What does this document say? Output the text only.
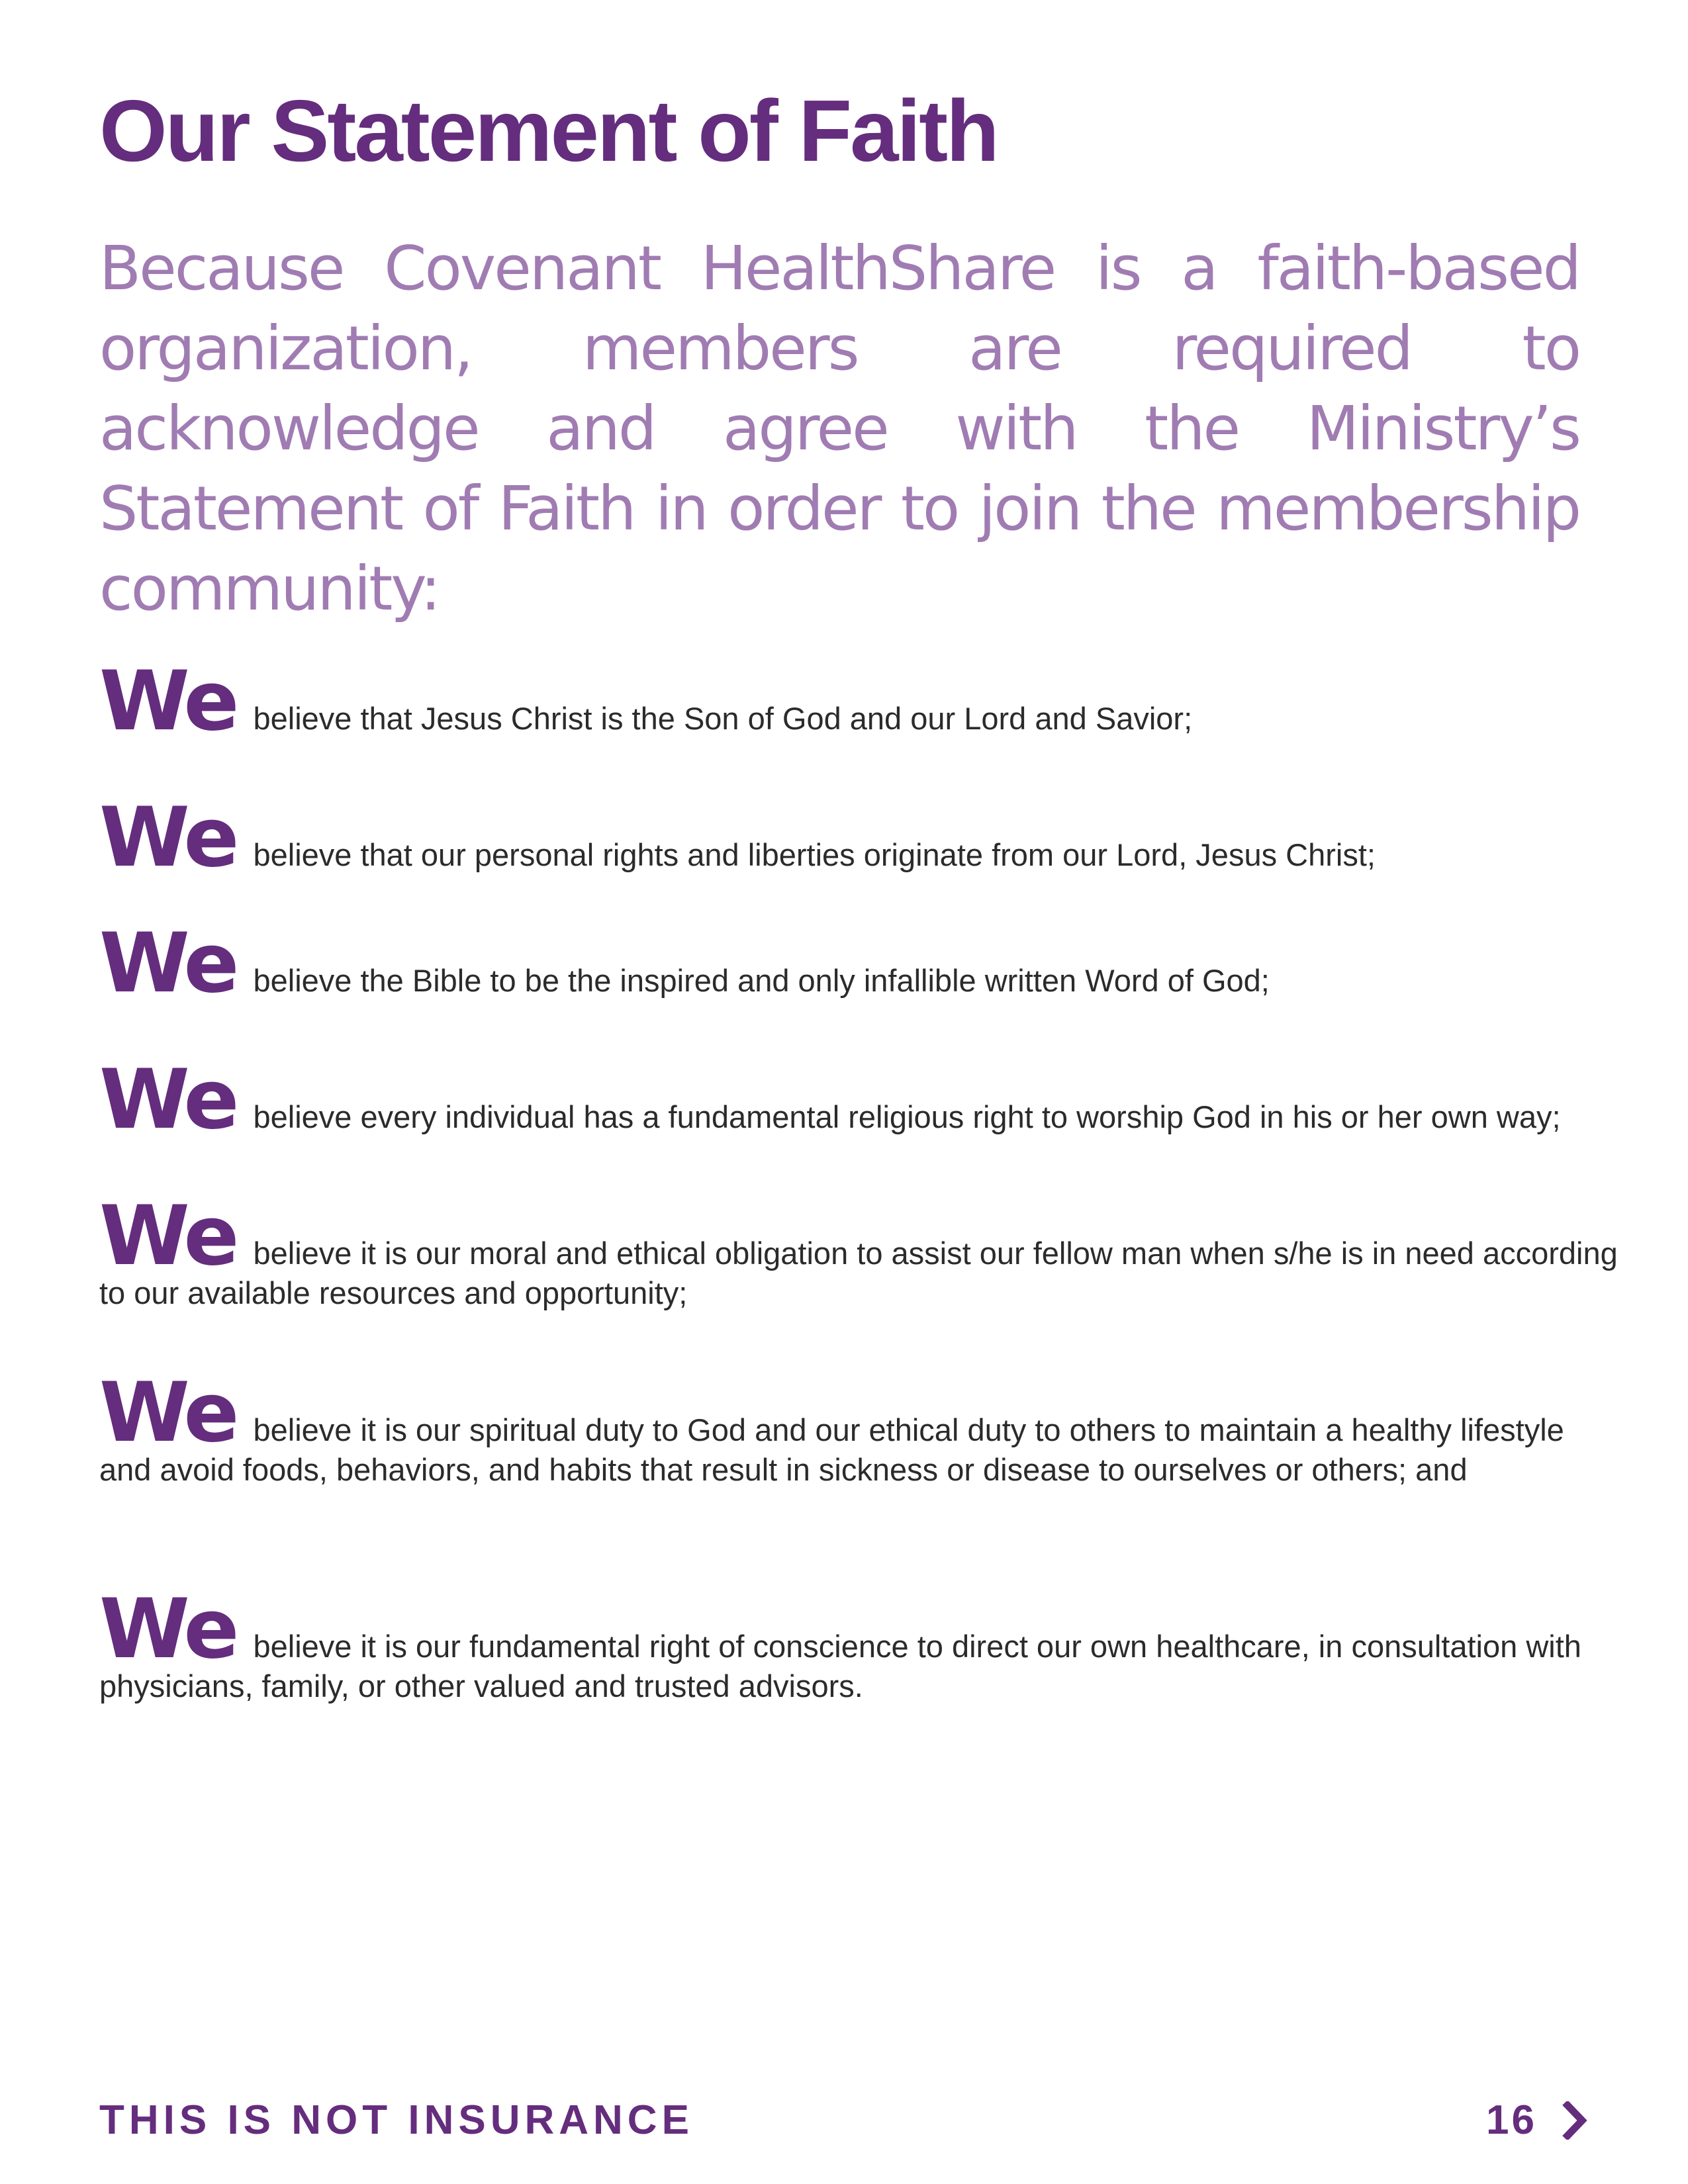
Our Statement of Faith

Because Covenant HealthShare is a faith-based organization, members are required to acknowledge and agree with the Ministry’s Statement of Faith in order to join the membership community:

We believe that Jesus Christ is the Son of God and our Lord and Savior;
We believe that our personal rights and liberties originate from our Lord, Jesus Christ;
We believe the Bible to be the inspired and only infallible written Word of God;
We believe every individual has a fundamental religious right to worship God in his or her own way;
We believe it is our moral and ethical obligation to assist our fellow man when s/he is in need according to our available resources and opportunity;
We believe it is our spiritual duty to God and our ethical duty to others to maintain a healthy lifestyle and avoid foods, behaviors, and habits that result in sickness or disease to ourselves or others; and
We believe it is our fundamental right of conscience to direct our own healthcare, in consultation with physicians, family, or other valued and trusted advisors.
THIS IS NOT INSURANCE	16
